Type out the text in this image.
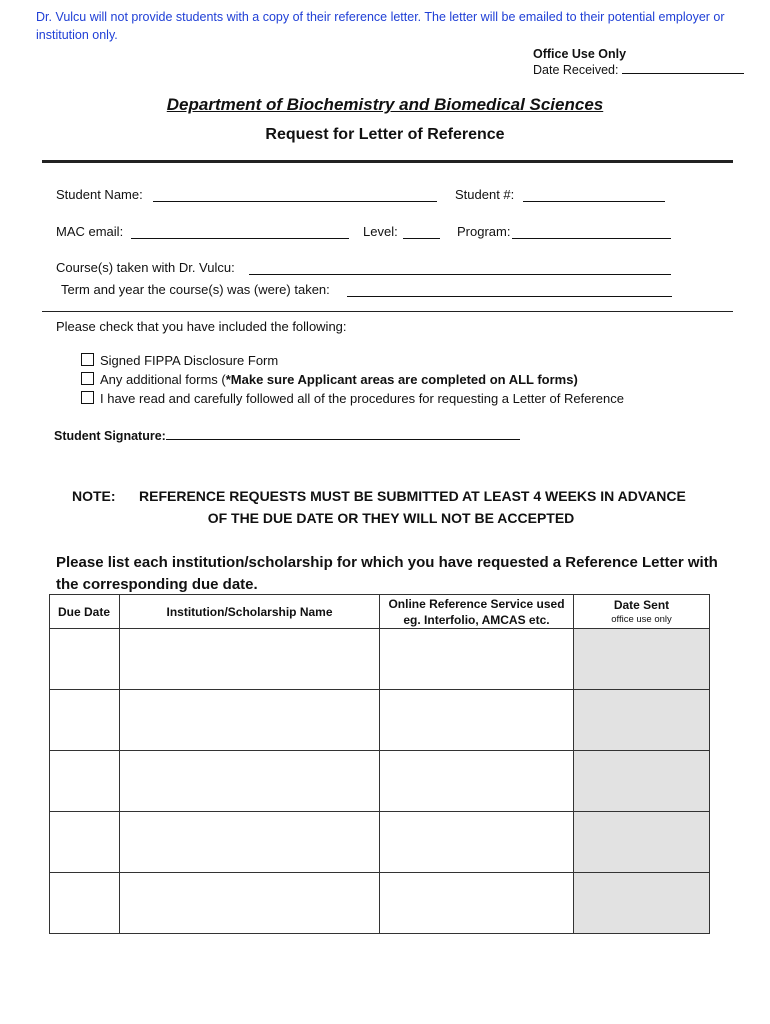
Dr. Vulcu will not provide students with a copy of their reference letter. The letter will be emailed to their potential employer or institution only.
Office Use Only
Date Received:
Department of Biochemistry and Biomedical Sciences
Request for Letter of Reference
Student Name:	Student #:
MAC email:	Level:	Program:
Course(s) taken with Dr. Vulcu:
Term and year the course(s) was (were) taken:
Please check that you have included the following:
Signed FIPPA Disclosure Form
Any additional forms (*Make sure Applicant areas are completed on ALL forms)
I have read and carefully followed all of the procedures for requesting a Letter of Reference
Student Signature:
NOTE: REFERENCE REQUESTS MUST BE SUBMITTED AT LEAST 4 WEEKS IN ADVANCE
OF THE DUE DATE OR THEY WILL NOT BE ACCEPTED
Please list each institution/scholarship for which you have requested a Reference Letter with the corresponding due date.
Due Date	Institution/Scholarship Name	Online Reference Service used eg. Interfolio, AMCAS etc.	Date Sent
office use only
